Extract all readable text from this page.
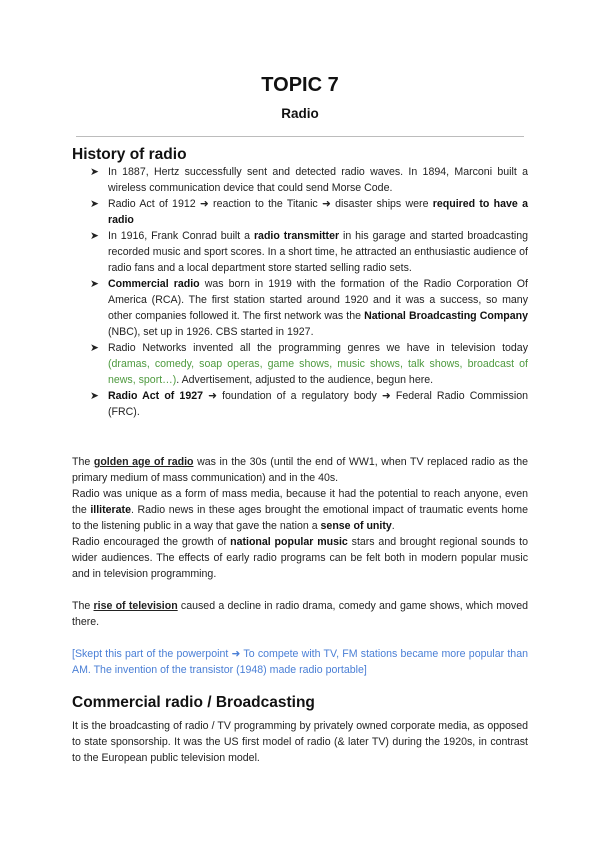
TOPIC 7
Radio
History of radio
➤ In 1887, Hertz successfully sent and detected radio waves. In 1894, Marconi built a wireless communication device that could send Morse Code.
➤ Radio Act of 1912 ➜ reaction to the Titanic ➜ disaster ships were required to have a radio
➤ In 1916, Frank Conrad built a radio transmitter in his garage and started broadcasting recorded music and sport scores. In a short time, he attracted an enthusiastic audience of radio fans and a local department store started selling radio sets.
➤ Commercial radio was born in 1919 with the formation of the Radio Corporation Of America (RCA). The first station started around 1920 and it was a success, so many other companies followed it. The first network was the National Broadcasting Company (NBC), set up in 1926. CBS started in 1927.
➤ Radio Networks invented all the programming genres we have in television today (dramas, comedy, soap operas, game shows, music shows, talk shows, broadcast of news, sport…). Advertisement, adjusted to the audience, begun here.
➤ Radio Act of 1927 ➜ foundation of a regulatory body ➜ Federal Radio Commission (FRC).

The golden age of radio was in the 30s (until the end of WW1, when TV replaced radio as the primary medium of mass communication) and in the 40s.

Radio was unique as a form of mass media, because it had the potential to reach anyone, even the illiterate. Radio news in these ages brought the emotional impact of traumatic events home to the listening public in a way that gave the nation a sense of unity.

Radio encouraged the growth of national popular music stars and brought regional sounds to wider audiences. The effects of early radio programs can be felt both in modern popular music and in television programming.

The rise of television caused a decline in radio drama, comedy and game shows, which moved there.

[Skept this part of the powerpoint ➜ To compete with TV, FM stations became more popular than AM. The invention of the transistor (1948) made radio portable]

Commercial radio / Broadcasting

It is the broadcasting of radio / TV programming by privately owned corporate media, as opposed to state sponsorship. It was the US first model of radio (& later TV) during the 1920s, in contrast to the European public television model.
